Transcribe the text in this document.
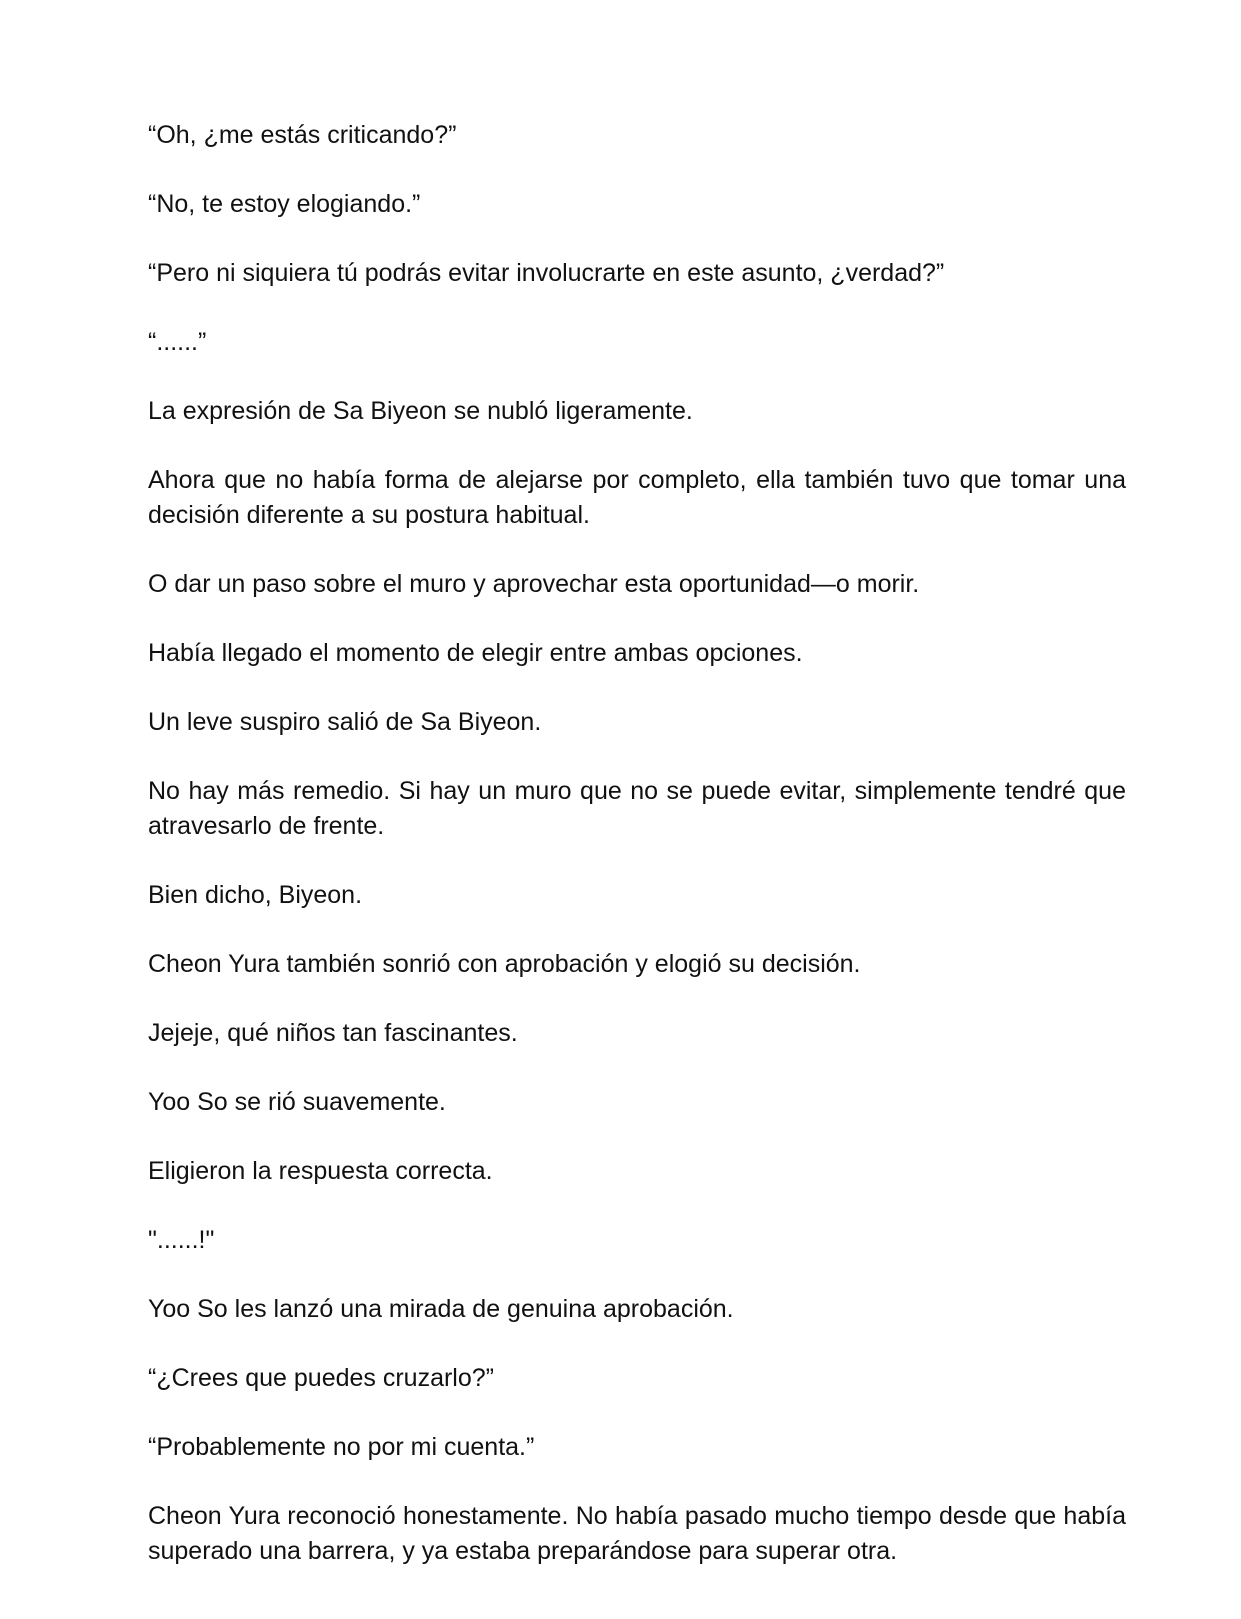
“Oh, ¿me estás criticando?”

“No, te estoy elogiando.”

“Pero ni siquiera tú podrás evitar involucrarte en este asunto, ¿verdad?”

“......”

La expresión de Sa Biyeon se nubló ligeramente.

Ahora que no había forma de alejarse por completo, ella también tuvo que tomar una decisión diferente a su postura habitual.

O dar un paso sobre el muro y aprovechar esta oportunidad—o morir.

Había llegado el momento de elegir entre ambas opciones.

Un leve suspiro salió de Sa Biyeon.

No hay más remedio. Si hay un muro que no se puede evitar, simplemente tendré que atravesarlo de frente.

Bien dicho, Biyeon.

Cheon Yura también sonrió con aprobación y elogió su decisión.

Jejeje, qué niños tan fascinantes.

Yoo So se rió suavemente.

Eligieron la respuesta correcta.

"......!"

Yoo So les lanzó una mirada de genuina aprobación.

“¿Crees que puedes cruzarlo?”

“Probablemente no por mi cuenta.”

Cheon Yura reconoció honestamente. No había pasado mucho tiempo desde que había superado una barrera, y ya estaba preparándose para superar otra.
